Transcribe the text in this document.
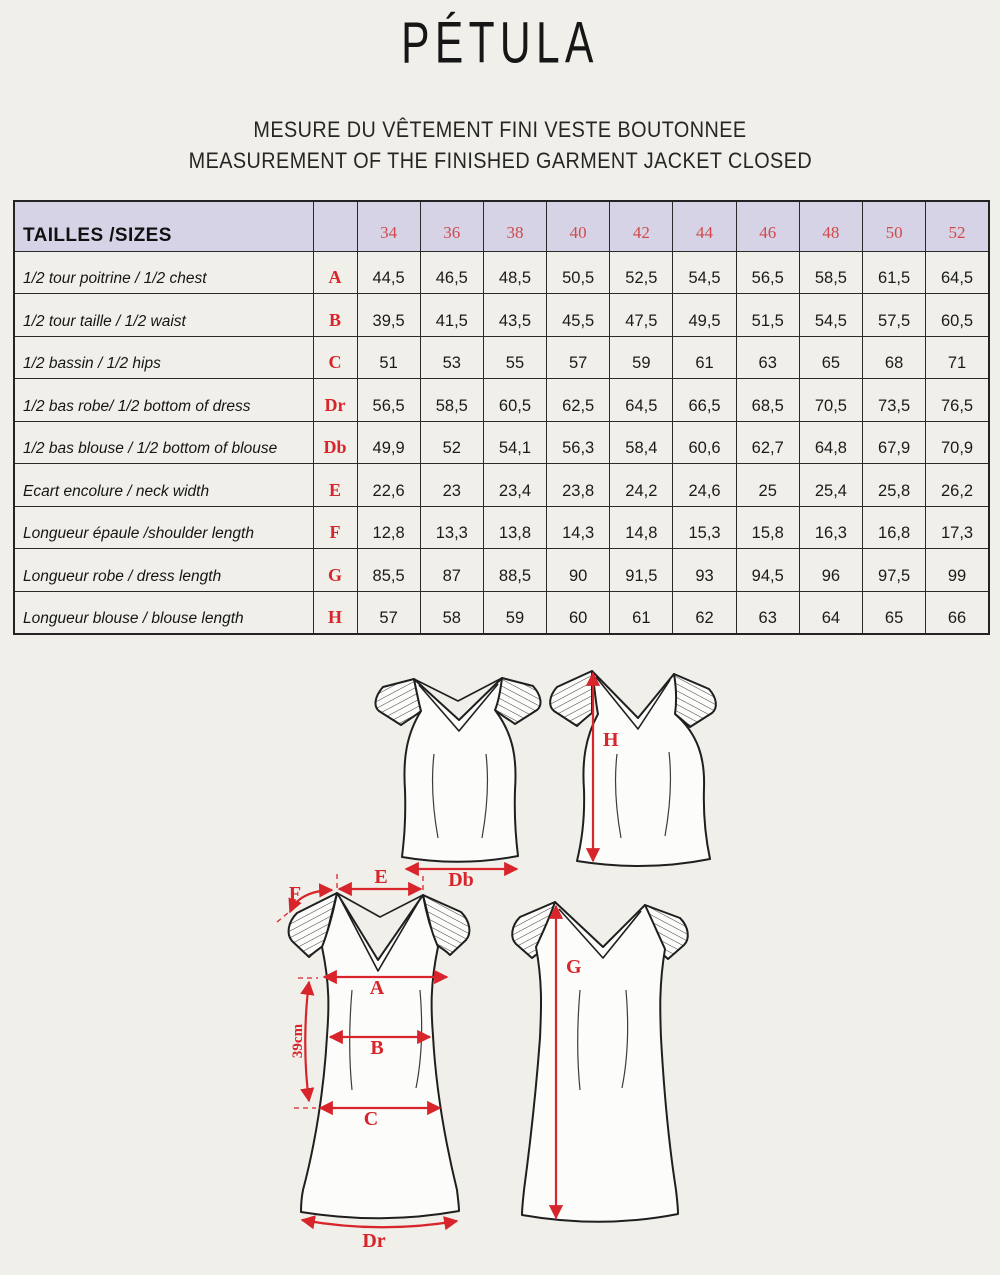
PÉTULA
MESURE DU VÊTEMENT FINI VESTE BOUTONNEE
MEASUREMENT OF THE FINISHED GARMENT JACKET CLOSED
TAILLES /SIZES		34	36	38	40	42	44	46	48	50	52
1/2 tour poitrine / 1/2 chest	A	44,5	46,5	48,5	50,5	52,5	54,5	56,5	58,5	61,5	64,5
1/2 tour taille / 1/2 waist	B	39,5	41,5	43,5	45,5	47,5	49,5	51,5	54,5	57,5	60,5
1/2 bassin / 1/2 hips	C	51	53	55	57	59	61	63	65	68	71
1/2 bas robe/ 1/2 bottom of dress	Dr	56,5	58,5	60,5	62,5	64,5	66,5	68,5	70,5	73,5	76,5
1/2 bas blouse / 1/2 bottom of blouse	Db	49,9	52	54,1	56,3	58,4	60,6	62,7	64,8	67,9	70,9
Ecart encolure / neck width	E	22,6	23	23,4	23,8	24,2	24,6	25	25,4	25,8	26,2
Longueur épaule /shoulder length	F	12,8	13,3	13,8	14,3	14,8	15,3	15,8	16,3	16,8	17,3
Longueur robe / dress length	G	85,5	87	88,5	90	91,5	93	94,5	96	97,5	99
Longueur blouse / blouse length	H	57	58	59	60	61	62	63	64	65	66
Db
H
E
F
A
39cm	B
C
Dr
G
